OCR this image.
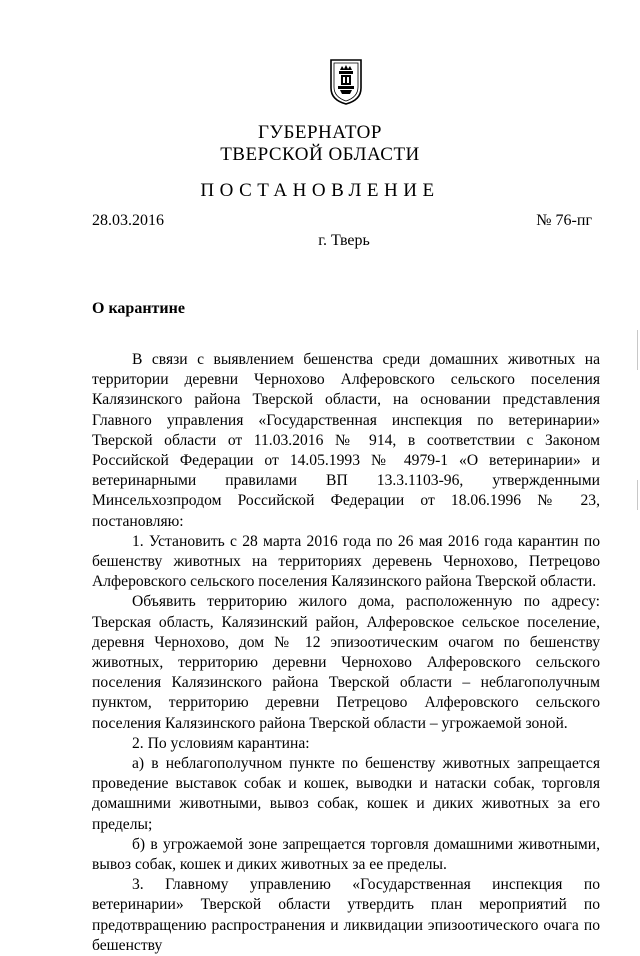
ГУБЕРНАТОР
ТВЕРСКОЙ ОБЛАСТИ
ПОСТАНОВЛЕНИЕ
28.03.2016	№ 76-пг
г. Тверь
О карантине

В связи с выявлением бешенства среди домашних животных на территории деревни Чернохово Алферовского сельского поселения Калязинского района Тверской области, на основании представления Главного управления «Государственная инспекция по ветеринарии» Тверской области от 11.03.2016 № 914, в соответствии с Законом Российской Федерации от 14.05.1993 № 4979-1 «О ветеринарии» и ветеринарными правилами ВП 13.3.1103-96, утвержденными Минсельхозпродом Российской Федерации от 18.06.1996 № 23, постановляю:

1. Установить с 28 марта 2016 года по 26 мая 2016 года карантин по бешенству животных на территориях деревень Чернохово, Петрецово Алферовского сельского поселения Калязинского района Тверской области.

Объявить территорию жилого дома, расположенную по адресу: Тверская область, Калязинский район, Алферовское сельское поселение, деревня Чернохово, дом № 12 эпизоотическим очагом по бешенству животных, территорию деревни Чернохово Алферовского сельского поселения Калязинского района Тверской области – неблагополучным пунктом, территорию деревни Петрецово Алферовского сельского поселения Калязинского района Тверской области – угрожаемой зоной.

2. По условиям карантина:

а) в неблагополучном пункте по бешенству животных запрещается проведение выставок собак и кошек, выводки и натаски собак, торговля домашними животными, вывоз собак, кошек и диких животных за его пределы;

б) в угрожаемой зоне запрещается торговля домашними животными, вывоз собак, кошек и диких животных за ее пределы.

3. Главному управлению «Государственная инспекция по ветеринарии» Тверской области утвердить план мероприятий по предотвращению распространения и ликвидации эпизоотического очага по бешенству
